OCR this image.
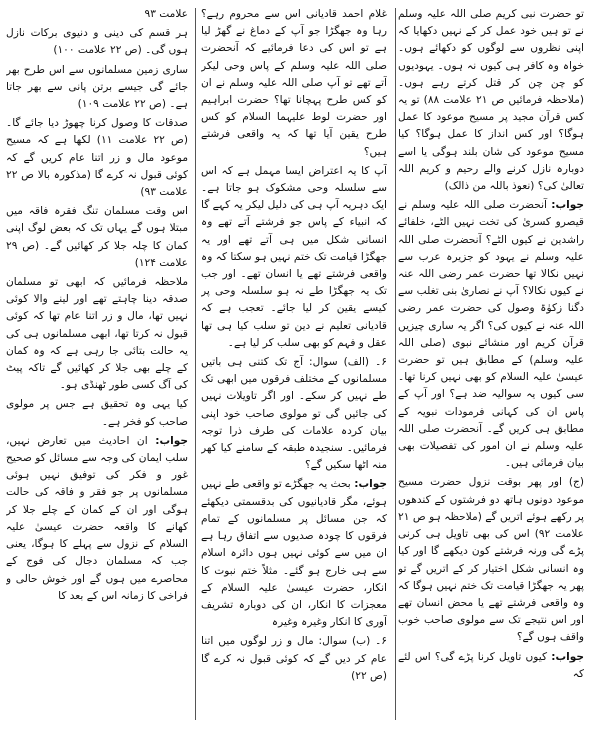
تو حضرت نبی کریم صلی اللہ علیہ وسلم نے تو ہیں خود عمل کر کے نہیں دکھایا کہ اپنی نظروں سے لوگوں کو دکھائے ہوں۔ خواہ وہ کافر ہی کیوں نہ ہوں۔ یہودیوں کو چن چن کر قتل کرتے رہے ہوں۔ (ملاحظہ فرمائیں ص ۲۱ علامت ۸۸) تو یہ کس قرآن مجید پر مسیح موعود کا عمل ہوگا؟ اور کس انداز کا عمل ہوگا؟ کیا مسیح موعود کی شان بلند ہوگی یا اسے دوبارہ نازل کرنے والے رحیم و کریم اللہ تعالیٰ کی؟ (نعوذ باللہ من ذالک)

جواب: آنحضرت صلی اللہ علیہ وسلم نے قیصرو کسریٰ کی تخت نہیں الٹے، خلفائے راشدین نے کیوں الٹے؟ آنحضرت صلی اللہ علیہ وسلم نے یہود کو جزیرہ عرب سے نہیں نکالا تھا حضرت عمر رضی اللہ عنہ نے کیوں نکالا؟ آپ نے نصاریٰ بنی تغلب سے دگنا زکوٰۃ وصول کی حضرت عمر رضی اللہ عنہ نے کیوں کی؟ اگر یہ ساری چیزیں قرآن کریم اور منشائے نبوی (صلی اللہ علیہ وسلم) کے مطابق ہیں تو حضرت عیسیٰ علیہ السلام کو بھی نہیں کرنا تھا۔ سی کیوں یہ سوالیہ ضد ہے؟ اور آپ کے پاس ان کی کہانی فرمودات نبویہ کے مطابق ہی کریں گے۔ آنحضرت صلی اللہ علیہ وسلم نے ان امور کی تفصیلات بھی بیان فرمائی ہیں۔

(ج) اور پھر بوقت نزول حضرت مسیح موعود دونوں ہاتھ دو فرشتوں کے کندھوں پر رکھے ہوئے اتریں گے (ملاحظہ ہو ص ۲۱ علامت ۹۲) اس کی بھی تاویل ہی کرنی پڑے گی ورنہ فرشتے کون دیکھے گا اور کیا وہ انسانی شکل اختیار کر کے اتریں گے تو پھر یہ جھگڑا قیامت تک ختم نہیں ہوگا کہ وہ واقعی فرشتے تھے یا محض انسان تھے اور اس نتیجے تک سے مولوی صاحب خوب واقف ہوں گے؟

جواب: کیوں تاویل کرنا پڑے گی؟ اس لئے کہ

غلام احمد قادیانی اس سے محروم رہے؟ رہا وہ جھگڑا جو آپ کے دماغ نے گھڑ لیا ہے تو اس کی دعا فرمائیے کہ آنحضرت صلی اللہ علیہ وسلم کے پاس وحی لیکر آتے تھے تو آپ صلی اللہ علیہ وسلم نے ان کو کس طرح پہچانا تھا؟ حضرت ابراہیم اور حضرت لوط علیہما السلام کو کس طرح یقین آیا تھا کہ یہ واقعی فرشتے ہیں؟

آپ کا یہ اعتراض ایسا مہمل ہے کہ اس سے سلسلہ وحی مشکوک ہو جاتا ہے۔ ایک دہریہ آپ ہی کی دلیل لیکر یہ کہے گا کہ انبیاء کے پاس جو فرشتے آتے تھے وہ انسانی شکل میں ہی آتے تھے اور یہ جھگڑا قیامت تک ختم نہیں ہو سکتا کہ وہ واقعی فرشتے تھے یا انسان تھے۔ اور جب تک یہ جھگڑا طے نہ ہو سلسلہ وحی پر کیسے یقین کر لیا جائے۔ تعجب ہے کہ قادیانی تعلیم نے دین تو سلب کیا ہی تھا عقل و فہم کو بھی سلب کر لیا ہے۔

۶۔ (الف) سوال: آج تک کتنی ہی باتیں مسلمانوں کے مختلف فرقوں میں ابھی تک طے نہیں کر سکے۔ اور اگر تاویلات نہیں کی جائیں گی تو مولوی صاحب خود اپنی بیان کردہ علامات کی طرف ذرا توجہ فرمائیں۔ سنجیدہ طبقہ کے سامنے کیا کھر منہ اٹھا سکیں گے؟

جواب: بحث یہ جھگڑے تو واقعی طے نہیں ہوئے، مگر قادیانیوں کی بدقسمتی دیکھئے کہ جن مسائل پر مسلمانوں کے تمام فرقوں کا چودہ صدیوں سے اتفاق رہا ہے ان میں سے کوئی نہیں ہوں دائرہ اسلام سے ہی خارج ہو گئے۔ مثلاً ختم نبوت کا انکار، حضرت عیسیٰ علیہ السلام کے معجزات کا انکار، ان کی دوبارہ تشریف آوری کا انکار وغیرہ وغیرہ

۶۔ (ب) سوال: مال و زر لوگوں میں اتنا عام کر دیں گے کہ کوئی قبول نہ کرے گا (ص ۲۲)

علامت ۹۳

ہر قسم کی دینی و دنیوی برکات نازل ہوں گی۔ (ص ۲۲ علامت ۱۰۰)

ساری زمین مسلمانوں سے اس طرح بھر جائے گی جیسے برتن پانی سے بھر جاتا ہے۔ (ص ۲۲ علامت ۱۰۹)

صدقات کا وصول کرنا چھوڑ دیا جائے گا۔ (ص ۲۲ علامت ۱۱) لکھا ہے کہ مسیح موعود مال و زر اتنا عام کریں گے کہ کوئی قبول نہ کرے گا (مذکورہ بالا ص ۲۲ علامت ۹۳)

اس وقت مسلمان تنگ فقرہ فاقہ میں مبتلا ہوں گے یہاں تک کہ بعض لوگ اپنی کمان کا چلہ جلا کر کھائیں گے۔ (ص ۲۹ علامت ۱۲۴)

ملاحظہ فرمائیں کہ ابھی تو مسلمان صدقہ دینا چاہتے تھے اور لینے والا کوئی نہیں تھا، مال و زر اتنا عام تھا کہ کوئی قبول نہ کرتا تھا، ابھی مسلمانوں ہی کی یہ حالت بتائی جا رہی ہے کہ وہ کمان کے چلے بھی جلا کر کھائیں گے تاکہ پیٹ کی آگ کسی طور ٹھنڈی ہو۔

کیا یہی وہ تحقیق ہے جس پر مولوی صاحب کو فخر ہے۔

جواب: ان احادیث میں تعارض نہیں، سلب ایمان کی وجہ سے مسائل کو صحیح غور و فکر کی توفیق نہیں ہوئی مسلمانوں پر جو فقر و فاقہ کی حالت ہوگی اور ان کے کمان کے چلے جلا کر کھانے کا واقعہ حضرت عیسیٰ علیہ السلام کے نزول سے پہلے کا ہوگا، یعنی جب کہ مسلمان دجال کی فوج کے محاصرے میں ہوں گے اور خوش حالی و فراخی کا زمانہ اس کے بعد کا
